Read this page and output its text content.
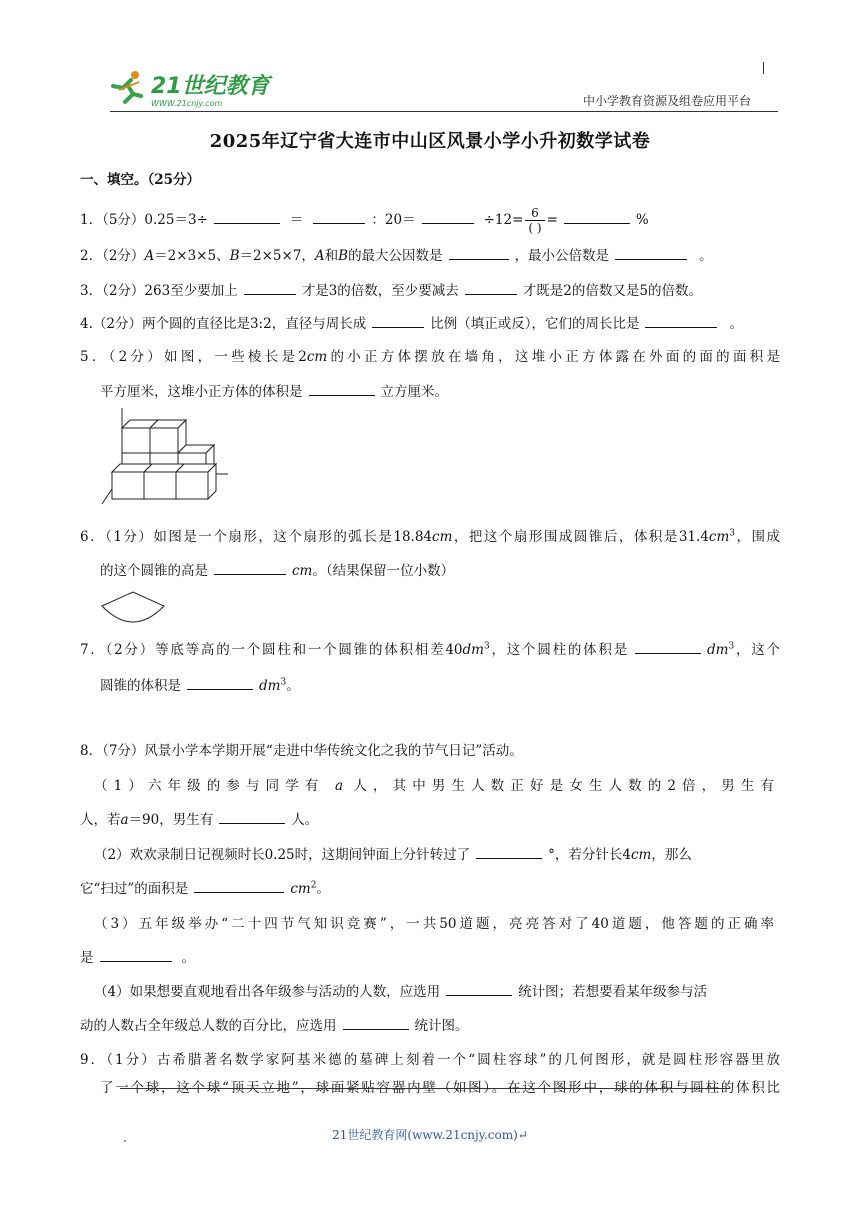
21世纪教育
WWW.21cnjy.com	中小学教育资源及组卷应用平台
2025年辽宁省大连市中山区风景小学小升初数学试卷
一、填空。（25分）
1．（5分）0.25＝3÷	＝	：20＝	$\div 12= \frac{6}{( )}$ =	%
2．（2分）A＝2×3×5、B＝2×5×7，A和B的最大公因数是	，最小公倍数是	。
3．（2分）263至少要加上	才是3的倍数，至少要减去	才既是2的倍数又是5的倍数。
4.（2分）两个圆的直径比是3:2，直径与周长成	比例（填正或反），它们的周长比是	。
5．（2分）如图，一些棱长是2cm的小正方体摆放在墙角，这堆小正方体露在外面的面的面积是
平方厘米，这堆小正方体的体积是	立方厘米。
6．（1分）如图是一个扇形，这个扇形的弧长是18.84cm，把这个扇形围成圆锥后，体积是$31.4cm^3$，围成
的这个圆锥的高是	cm。（结果保留一位小数）
7．（2分）等底等高的一个圆柱和一个圆锥的体积相差$40dm^3$，这个圆柱的体积是	$dm^3$，这个
圆锥的体积是	$dm^3$。
8．（7分）风景小学本学期开展“走进中华传统文化之我的节气日记”活动。
（1）六年级的参与同学有 a 人，其中男生人数正好是女生人数的2倍，男生有
人，若a＝90，男生有	人。
（2）欢欢录制日记视频时长0.25时，这期间钟面上分针转过了	°，若分针长4cm，那么
它“扫过”的面积是	$cm^2$。
（3）五年级举办“二十四节气知识竞赛”，一共50道题，亮亮答对了40道题，他答题的正确率
是	。
（4）如果想要直观地看出各年级参与活动的人数，应选用	统计图；若想要看某年级参与活
动的人数占全年级总人数的百分比，应选用	统计图。
9．（1分）古希腊著名数学家阿基米德的墓碑上刻着一个“圆柱容球”的几何图形，就是圆柱形容器里放
了一个球，这个球“顶天立地”，球面紧贴容器内壁（如图）。在这个图形中，球的体积与圆柱的体积比
21世纪教育网(www.21cnjy.com)↵
